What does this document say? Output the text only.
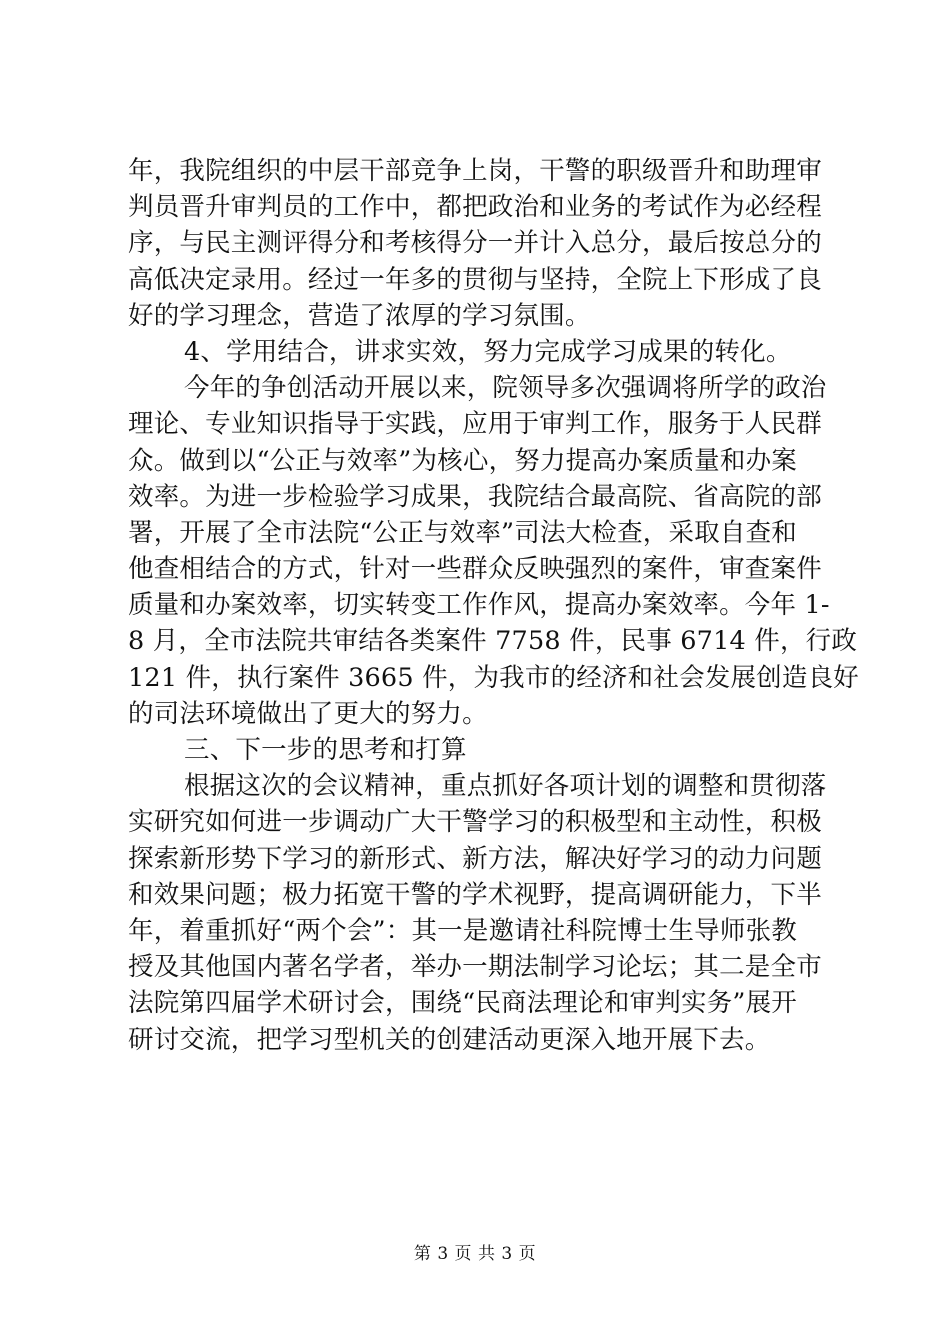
年，我院组织的中层干部竞争上岗，干警的职级晋升和助理审
判员晋升审判员的工作中，都把政治和业务的考试作为必经程
序，与民主测评得分和考核得分一并计入总分，最后按总分的
高低决定录用。经过一年多的贯彻与坚持，全院上下形成了良
好的学习理念，营造了浓厚的学习氛围。
4、学用结合，讲求实效，努力完成学习成果的转化。
今年的争创活动开展以来，院领导多次强调将所学的政治
理论、专业知识指导于实践，应用于审判工作，服务于人民群
众。做到以“公正与效率”为核心，努力提高办案质量和办案
效率。为进一步检验学习成果，我院结合最高院、省高院的部
署，开展了全市法院“公正与效率”司法大检查，采取自查和
他查相结合的方式，针对一些群众反映强烈的案件，审查案件
质量和办案效率，切实转变工作作风，提高办案效率。今年 1-
8 月，全市法院共审结各类案件 7758 件，民事 6714 件，行政
121 件，执行案件 3665 件，为我市的经济和社会发展创造良好
的司法环境做出了更大的努力。
三、下一步的思考和打算
根据这次的会议精神，重点抓好各项计划的调整和贯彻落
实研究如何进一步调动广大干警学习的积极型和主动性，积极
探索新形势下学习的新形式、新方法，解决好学习的动力问题
和效果问题；极力拓宽干警的学术视野，提高调研能力，下半
年，着重抓好“两个会”：其一是邀请社科院博士生导师张教
授及其他国内著名学者，举办一期法制学习论坛；其二是全市
法院第四届学术研讨会，围绕“民商法理论和审判实务”展开
研讨交流，把学习型机关的创建活动更深入地开展下去。
第 3 页 共 3 页
